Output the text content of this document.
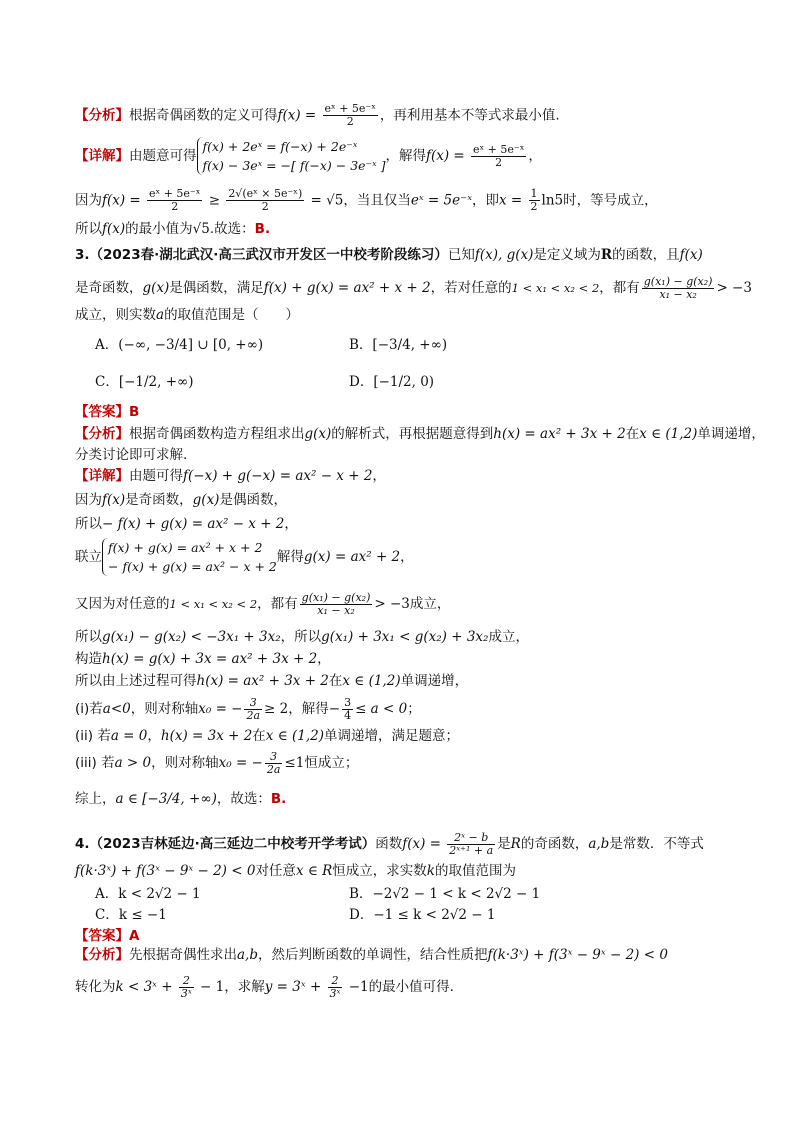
【分析】根据奇偶函数的定义可得$f(x) = \frac{\text{eˣ + 5e⁻ˣ}}{2}$ ，再利用基本不等式求最小值.
【详解】由题意可得
f(x) + 2eˣ = f(−x) + 2e⁻ˣ
f(x) − 3eˣ = −[ f(−x) − 3e⁻ˣ ]
，解得$f(x) = \frac{\text{eˣ + 5e⁻ˣ}}{2}$ ，
因为$f(x) = \frac{\text{eˣ + 5e⁻ˣ}}{2} \ge \frac{\text{2√(eˣ × 5e⁻ˣ)}}{2} = √5$，当且仅当eˣ = 5e⁻ˣ，即$x = \frac{1}{2} \ln 5$时，等号成立，
所以f(x)的最小值为√5.故选：B.
3.（2023春·湖北武汉·高三武汉市开发区一中校考阶段练习）已知f(x), g(x)是定义域为R的函数，且f(x)
是奇函数，g(x)是偶函数，满足f(x) + g(x) = ax² + x + 2，若对任意的1 < x₁ < x₂ < 2，都有 $\frac{\text{g(x₁) − g(x₂)}}{\text{x₁ − x₂}} > -3$
成立，则实数a的取值范围是（　　）
A．(−∞, −3/4] ∪ [0, +∞)	B．[−3/4, +∞)
C．[−1/2, +∞)	D．[−1/2, 0)
【答案】B
【分析】根据奇偶函数构造方程组求出g(x)的解析式，再根据题意得到h(x) = ax² + 3x + 2在x ∈ (1,2)单调递增，
分类讨论即可求解.
【详解】由题可得f(−x) + g(−x) = ax² − x + 2，
因为f(x)是奇函数，g(x)是偶函数，
所以− f(x) + g(x) = ax² − x + 2，
联立
f(x) + g(x) = ax² + x + 2
− f(x) + g(x) = ax² − x + 2
解得g(x) = ax² + 2，
又因为对任意的1 < x₁ < x₂ < 2，都有 $\frac{\text{g(x₁) − g(x₂)}}{\text{x₁ − x₂}} > -3$成立，
所以g(x₁) − g(x₂) < −3x₁ + 3x₂，所以g(x₁) + 3x₁ < g(x₂) + 3x₂成立，
构造h(x) = g(x) + 3x = ax² + 3x + 2，
所以由上述过程可得h(x) = ax² + 3x + 2在x ∈ (1,2)单调递增，
(i)若a<0，则对称轴x₀ = − $\frac{3}{2a} \ge 2$，解得− $\frac{3}{4} \le a < 0$；
(ii) 若a = 0，h(x) = 3x + 2在x ∈ (1,2)单调递增，满足题意；
(iii) 若a > 0，则对称轴x₀ = − $\frac{3}{2a} \le 1$恒成立；
综上，a ∈ [−3/4, +∞)，故选：B.
4.（2023吉林延边·高三延边二中校考开学考试）函数$f(x) = \frac{\text{2ˣ − b}}{\text{2ˣ⁺¹ + a}}$ 是R的奇函数，a,b是常数．不等式
f(k·3ˣ) + f(3ˣ − 9ˣ − 2) < 0对任意x ∈ R恒成立，求实数k的取值范围为
A．k < 2√2 − 1	B．−2√2 − 1 < k < 2√2 − 1
C．k ≤ −1	D．−1 ≤ k < 2√2 − 1
【答案】A
【分析】先根据奇偶性求出a,b，然后判断函数的单调性，结合性质把f(k·3ˣ) + f(3ˣ − 9ˣ − 2) < 0
转化为k < 3ˣ + $\frac{2}{\text{3ˣ}} - 1$，求解y = 3ˣ + $\frac{2}{\text{3ˣ}} -1$的最小值可得.
